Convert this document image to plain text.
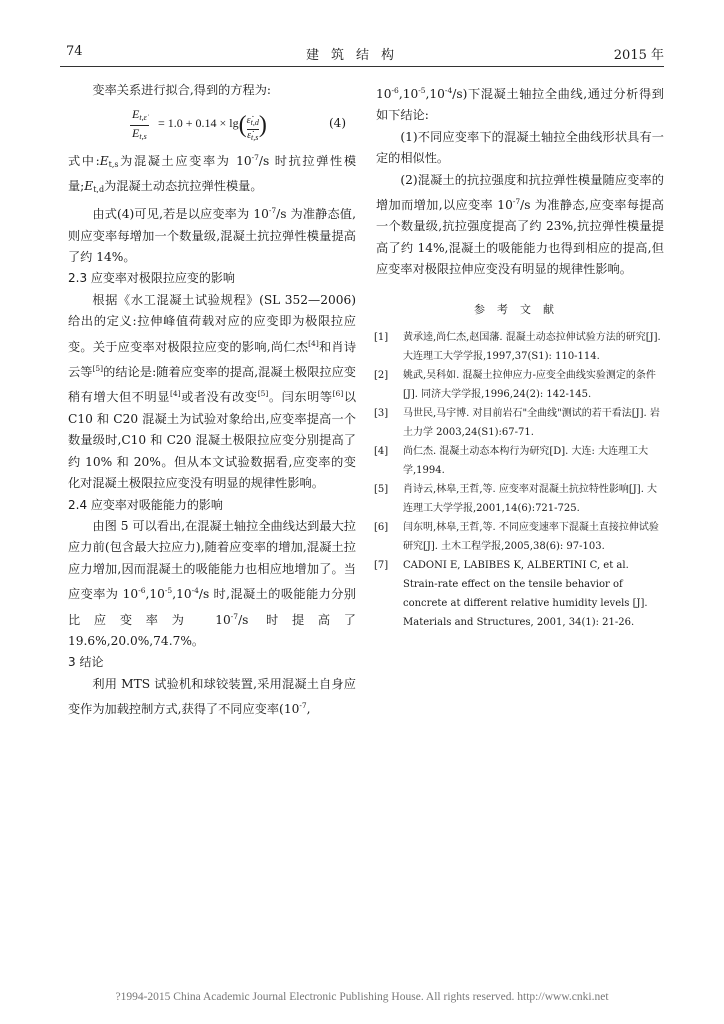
74	建筑结构	2015 年

变率关系进行拟合,得到的方程为:

$\frac{E_{t,\varepsiloṅ}}{E_{t,s}} = 1.0 + 0.14 \times \lg( \frac{\varepsiloṅ_{t,d}}{\varepsiloṅ_{t,s}}$ )	(4)

式中$:E_{t,s}$为混凝土应变率为 $10^{-7}/s$ 时抗拉弹性模量$;E_{t,d}$为混凝土动态抗拉弹性模量。

由式(4)可见,若是以应变率为 $10^{-7}/s$ 为准静态值,则应变率每增加一个数量级,混凝土抗拉弹性模量提高了约 14%。

2.3 应变率对极限拉应变的影响

根据《水工混凝土试验规程》(SL 352—2006)给出的定义:拉伸峰值荷载对应的应变即为极限拉应变。关于应变率对极限拉应变的影响,尚仁杰[4]和肖诗云等[5]的结论是:随着应变率的提高,混凝土极限拉应变稍有增大但不明显[4]或者没有改变[5]。闫东明等[6]以 C10 和 C20 混凝土为试验对象给出,应变率提高一个数量级时,C10 和 C20 混凝土极限拉应变分别提高了约 10% 和 20%。但从本文试验数据看,应变率的变化对混凝土极限拉应变没有明显的规律性影响。

2.4 应变率对吸能能力的影响

由图 5 可以看出,在混凝土轴拉全曲线达到最大拉应力前(包含最大拉应力),随着应变率的增加,混凝土拉应力增加,因而混凝土的吸能能力也相应地增加了。当应变率为 $10^{-6},10^{-5},10^{-4}/s$ 时,混凝土的吸能能力分别比应变率为 $10^{-7}/s$ 时提高了 19.6%,20.0%,74.7%。

3 结论

利用 MTS 试验机和球铰装置,采用混凝土自身应变作为加载控制方式,获得了不同应变率($10^{-7}$,

$10^{-6},10^{-5},10^{-4}/s$)下混凝土轴拉全曲线,通过分析得到如下结论:

(1)不同应变率下的混凝土轴拉全曲线形状具有一定的相似性。

(2)混凝土的抗拉强度和抗拉弹性模量随应变率的增加而增加,以应变率 $10^{-7}/s$ 为准静态,应变率每提高一个数量级,抗拉强度提高了约 23%,抗拉弹性模量提高了约 14%,混凝土的吸能能力也得到相应的提高,但应变率对极限拉伸应变没有明显的规律性影响。

参考文献
[1] 黄承逵,尚仁杰,赵国藩. 混凝土动态拉伸试验方法的研究[J]. 大连理工大学学报,1997,37(S1): 110-114.
[2] 姚武,吴科如. 混凝土拉伸应力-应变全曲线实验测定的条件[J]. 同济大学学报,1996,24(2): 142-145.
[3] 马世民,马宇博. 对目前岩石"全曲线"测试的若干看法[J]. 岩土力学 2003,24(S1):67-71.
[4] 尚仁杰. 混凝土动态本构行为研究[D]. 大连: 大连理工大学,1994.
[5] 肖诗云,林皋,王哲,等. 应变率对混凝土抗拉特性影响[J]. 大连理工大学学报,2001,14(6):721-725.
[6] 闫东明,林皋,王哲,等. 不同应变速率下混凝土直接拉伸试验研究[J]. 土木工程学报,2005,38(6): 97-103.
[7] CADONI E, LABIBES K, ALBERTINI C, et al. Strain-rate effect on the tensile behavior of concrete at different relative humidity levels [J]. Materials and Structures, 2001, 34(1): 21-26.
?1994-2015 China Academic Journal Electronic Publishing House. All rights reserved. http://www.cnki.net
